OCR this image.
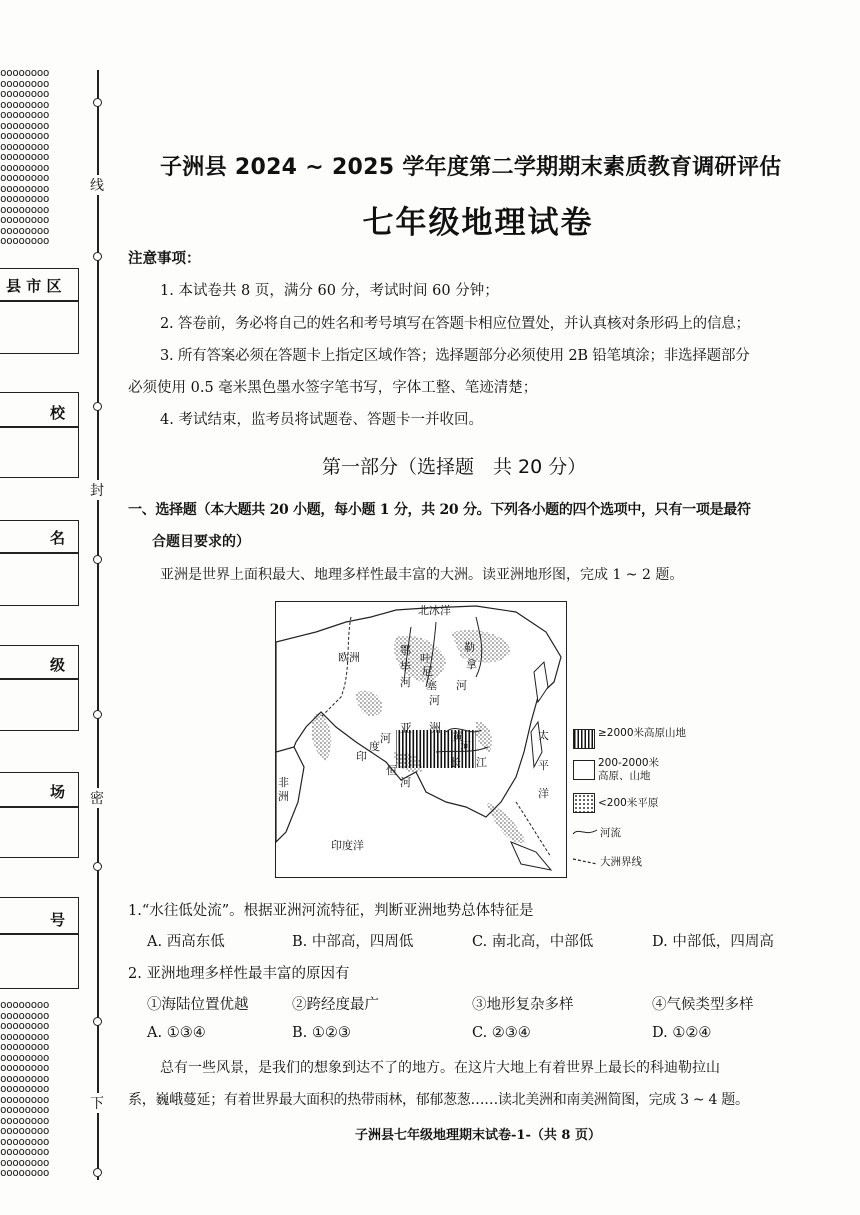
oooooooo
oooooooo
oooooooo
oooooooo
oooooooo
oooooooo
oooooooo
oooooooo
oooooooo
oooooooo
oooooooo
oooooooo
oooooooo
oooooooo
oooooooo
oooooooo
oooooooo
oooooooo
oooooooo
oooooooo
oooooooo
oooooooo
oooooooo
oooooooo
oooooooo
oooooooo
oooooooo
oooooooo
oooooooo
oooooooo
oooooooo
oooooooo
oooooooo
oooooooo
线
封
密
下
县 市 区
校
名
级
场
号
子洲县 2024 ~ 2025 学年度第二学期期末素质教育调研评估
七年级地理试卷
注意事项：
1. 本试卷共 8 页，满分 60 分，考试时间 60 分钟；
2. 答卷前，务必将自己的姓名和考号填写在答题卡相应位置处，并认真核对条形码上的信息；
3. 所有答案必须在答题卡上指定区域作答；选择题部分必须使用 2B 铅笔填涂；非选择题部分
必须使用 0.5 毫米黑色墨水签字笔书写，字体工整、笔迹清楚；
4. 考试结束，监考员将试题卷、答题卡一并收回。
第一部分（选择题　共 20 分）
一、选择题（本大题共 20 小题，每小题 1 分，共 20 分。下列各小题的四个选项中，只有一项是最符
合题目要求的）
亚洲是世界上面积最大、地理多样性最丰富的大洲。读亚洲地形图，完成 1 ~ 2 题。
北冰洋
欧洲
亚 洲
非
洲
印度洋
太
平
洋
鄂
毕
河
叶
尼
塞
河
勒
拿
河
印
度
河
恒
河
黄
河
长 江
≥2000米高原山地
200-2000米高原、山地
<200米平原
河流
大洲界线
1.“水往低处流”。根据亚洲河流特征，判断亚洲地势总体特征是
A. 西高东低	B. 中部高，四周低	C. 南北高，中部低	D. 中部低，四周高
2. 亚洲地理多样性最丰富的原因有
①海陆位置优越	②跨经度最广	③地形复杂多样	④气候类型多样
A. ①③④	B. ①②③	C. ②③④	D. ①②④
总有一些风景，是我们的想象到达不了的地方。在这片大地上有着世界上最长的科迪勒拉山
系，巍峨蔓延；有着世界最大面积的热带雨林，郁郁葱葱……读北美洲和南美洲简图，完成 3 ~ 4 题。
子洲县七年级地理期末试卷-1-（共 8 页）
